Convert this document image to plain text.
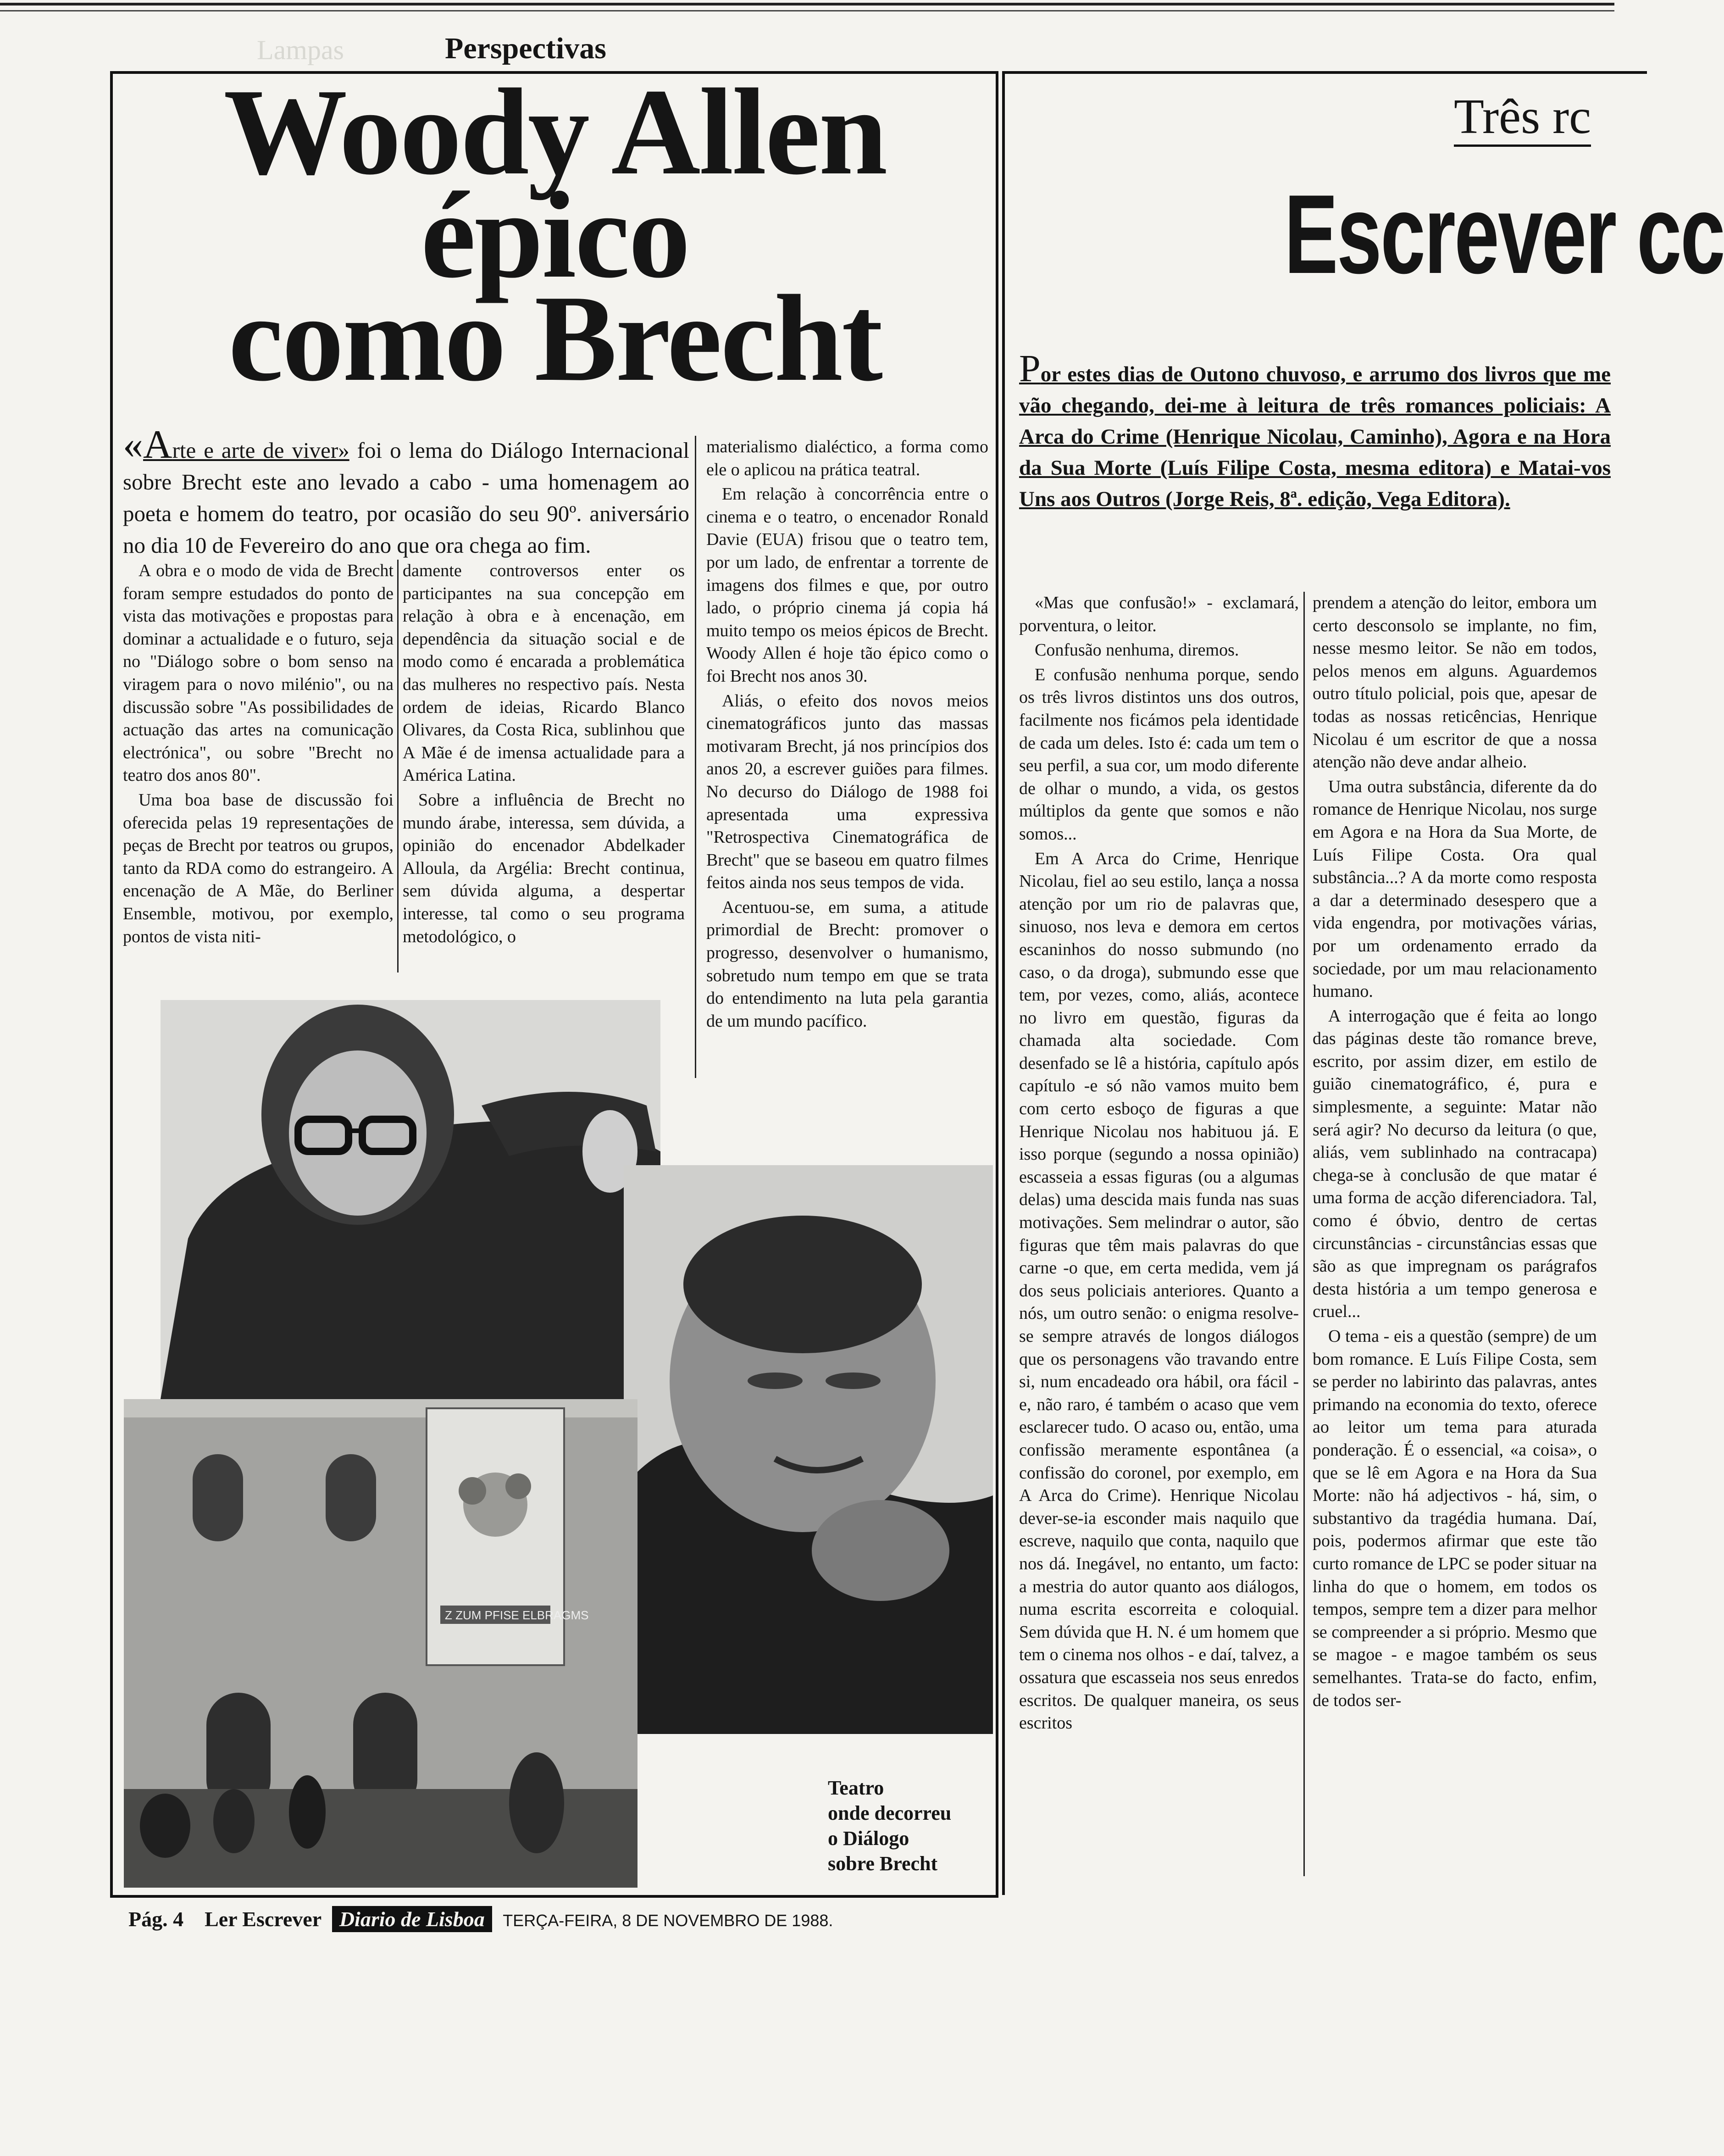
Perspectivas
Lampas
Woody Allen
épico
como Brecht
«Arte e arte de viver» foi o lema do Diálogo Internacional sobre Brecht este ano levado a cabo - uma homenagem ao poeta e homem do teatro, por ocasião do seu 90º. aniversário no dia 10 de Fevereiro do ano que ora chega ao fim.

A obra e o modo de vida de Brecht foram sempre estudados do ponto de vista das motivações e propostas para dominar a actualidade e o futuro, seja no "Diálogo sobre o bom senso na viragem para o novo milénio", ou na discussão sobre "As possibilidades de actuação das artes na comunicação electrónica", ou sobre "Brecht no teatro dos anos 80".

Uma boa base de discussão foi oferecida pelas 19 representações de peças de Brecht por teatros ou grupos, tanto da RDA como do estrangeiro. A encenação de A Mãe, do Berliner Ensemble, motivou, por exemplo, pontos de vista niti-

damente controversos enter os participantes na sua concepção em relação à obra e à encenação, em dependência da situação social e de modo como é encarada a problemática das mulheres no respectivo país. Nesta ordem de ideias, Ricardo Blanco Olivares, da Costa Rica, sublinhou que A Mãe é de imensa actualidade para a América Latina.

Sobre a influência de Brecht no mundo árabe, interessa, sem dúvida, a opinião do encenador Abdelkader Alloula, da Argélia: Brecht continua, sem dúvida alguma, a despertar interesse, tal como o seu programa metodológico, o

materialismo dialéctico, a forma como ele o aplicou na prática teatral.

Em relação à concorrência entre o cinema e o teatro, o encenador Ronald Davie (EUA) frisou que o teatro tem, por um lado, de enfrentar a torrente de imagens dos filmes e que, por outro lado, o próprio cinema já copia há muito tempo os meios épicos de Brecht. Woody Allen é hoje tão épico como o foi Brecht nos anos 30.

Aliás, o efeito dos novos meios cinematográficos junto das massas motivaram Brecht, já nos princípios dos anos 20, a escrever guiões para filmes. No decurso do Diálogo de 1988 foi apresentada uma expressiva "Retrospectiva Cinematográfica de Brecht" que se baseou em quatro filmes feitos ainda nos seus tempos de vida.

Acentuou-se, em suma, a atitude primordial de Brecht: promover o progresso, desenvolver o humanismo, sobretudo num tempo em que se trata do entendimento na luta pela garantia de um mundo pacífico.

Z ZUM PFISE ELBRAGMS
Teatro
onde decorreu
o Diálogo
sobre Brecht
Três rc
Escrever cc
Por estes dias de Outono chuvoso, e arrumo dos livros que me vão chegando, dei-me à leitura de três romances policiais: A Arca do Crime (Henrique Nicolau, Caminho), Agora e na Hora da Sua Morte (Luís Filipe Costa, mesma editora) e Matai-vos Uns aos Outros (Jorge Reis, 8ª. edição, Vega Editora).

«Mas que confusão!» - exclamará, porventura, o leitor.

Confusão nenhuma, diremos.

E confusão nenhuma porque, sendo os três livros distintos uns dos outros, facilmente nos ficámos pela identidade de cada um deles. Isto é: cada um tem o seu perfil, a sua cor, um modo diferente de olhar o mundo, a vida, os gestos múltiplos da gente que somos e não somos...

Em A Arca do Crime, Henrique Nicolau, fiel ao seu estilo, lança a nossa atenção por um rio de palavras que, sinuoso, nos leva e demora em certos escaninhos do nosso submundo (no caso, o da droga), submundo esse que tem, por vezes, como, aliás, acontece no livro em questão, figuras da chamada alta sociedade. Com desenfado se lê a história, capítulo após capítulo -e só não vamos muito bem com certo esboço de figuras a que Henrique Nicolau nos habituou já. E isso porque (segundo a nossa opinião) escasseia a essas figuras (ou a algumas delas) uma descida mais funda nas suas motivações. Sem melindrar o autor, são figuras que têm mais palavras do que carne -o que, em certa medida, vem já dos seus policiais anteriores. Quanto a nós, um outro senão: o enigma resolve-se sempre através de longos diálogos que os personagens vão travando entre si, num encadeado ora hábil, ora fácil - e, não raro, é também o acaso que vem esclarecer tudo. O acaso ou, então, uma confissão meramente espontânea (a confissão do coronel, por exemplo, em A Arca do Crime). Henrique Nicolau dever-se-ia esconder mais naquilo que escreve, naquilo que conta, naquilo que nos dá. Inegável, no entanto, um facto: a mestria do autor quanto aos diálogos, numa escrita escorreita e coloquial. Sem dúvida que H. N. é um homem que tem o cinema nos olhos - e daí, talvez, a ossatura que escasseia nos seus enredos escritos. De qualquer maneira, os seus escritos

prendem a atenção do leitor, embora um certo desconsolo se implante, no fim, nesse mesmo leitor. Se não em todos, pelos menos em alguns. Aguardemos outro título policial, pois que, apesar de todas as nossas reticências, Henrique Nicolau é um escritor de que a nossa atenção não deve andar alheio.

Uma outra substância, diferente da do romance de Henrique Nicolau, nos surge em Agora e na Hora da Sua Morte, de Luís Filipe Costa. Ora qual substância...? A da morte como resposta a dar a determinado desespero que a vida engendra, por motivações várias, por um ordenamento errado da sociedade, por um mau relacionamento humano.

A interrogação que é feita ao longo das páginas deste tão romance breve, escrito, por assim dizer, em estilo de guião cinematográfico, é, pura e simplesmente, a seguinte: Matar não será agir? No decurso da leitura (o que, aliás, vem sublinhado na contracapa) chega-se à conclusão de que matar é uma forma de acção diferenciadora. Tal, como é óbvio, dentro de certas circunstâncias - circunstâncias essas que são as que impregnam os parágrafos desta história a um tempo generosa e cruel...

O tema - eis a questão (sempre) de um bom romance. E Luís Filipe Costa, sem se perder no labirinto das palavras, antes primando na economia do texto, oferece ao leitor um tema para aturada ponderação. É o essencial, «a coisa», o que se lê em Agora e na Hora da Sua Morte: não há adjectivos - há, sim, o substantivo da tragédia humana. Daí, pois, podermos afirmar que este tão curto romance de LPC se poder situar na linha do que o homem, em todos os tempos, sempre tem a dizer para melhor se compreender a si próprio. Mesmo que se magoe - e magoe também os seus semelhantes. Trata-se do facto, enfim, de todos ser-

Pág. 4 Ler Escrever Diario de Lisboa TERÇA-FEIRA, 8 DE NOVEMBRO DE 1988.
